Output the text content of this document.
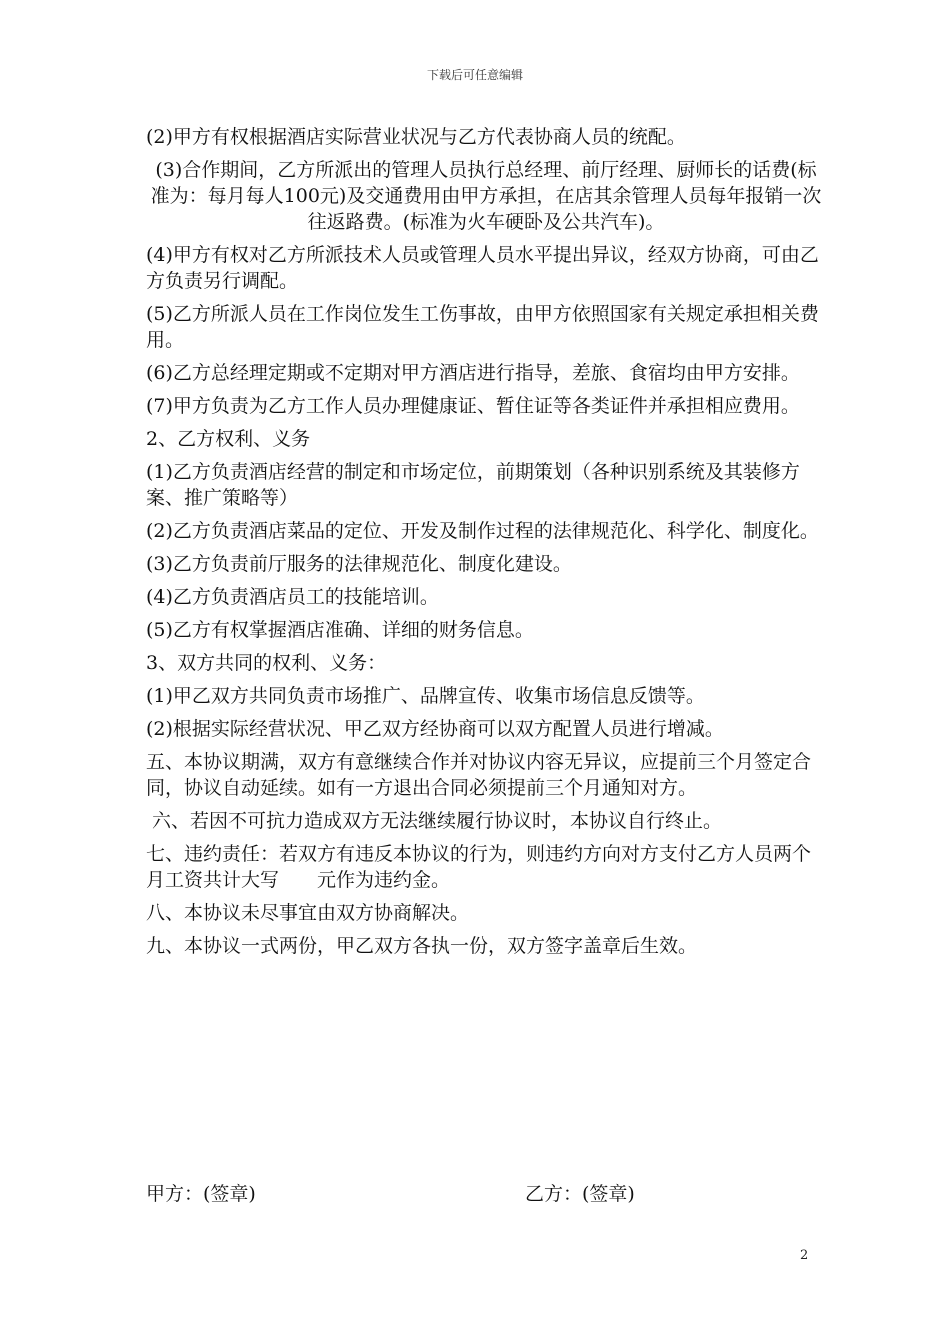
下载后可任意编辑

(2)甲方有权根据酒店实际营业状况与乙方代表协商人员的统配。

(3)合作期间，乙方所派出的管理人员执行总经理、前厅经理、厨师长的话费(标准为：每月每人100元)及交通费用由甲方承担，在店其余管理人员每年报销一次往返路费。(标准为火车硬卧及公共汽车)。

(4)甲方有权对乙方所派技术人员或管理人员水平提出异议，经双方协商，可由乙方负责另行调配。

(5)乙方所派人员在工作岗位发生工伤事故，由甲方依照国家有关规定承担相关费用。

(6)乙方总经理定期或不定期对甲方酒店进行指导，差旅、食宿均由甲方安排。

(7)甲方负责为乙方工作人员办理健康证、暂住证等各类证件并承担相应费用。

2、乙方权利、义务

(1)乙方负责酒店经营的制定和市场定位，前期策划（各种识别系统及其装修方案、推广策略等）

(2)乙方负责酒店菜品的定位、开发及制作过程的法律规范化、科学化、制度化。

(3)乙方负责前厅服务的法律规范化、制度化建设。

(4)乙方负责酒店员工的技能培训。

(5)乙方有权掌握酒店准确、详细的财务信息。

3、双方共同的权利、义务：

(1)甲乙双方共同负责市场推广、品牌宣传、收集市场信息反馈等。

(2)根据实际经营状况、甲乙双方经协商可以双方配置人员进行增减。

五、本协议期满，双方有意继续合作并对协议内容无异议，应提前三个月签定合同，协议自动延续。如有一方退出合同必须提前三个月通知对方。

六、若因不可抗力造成双方无法继续履行协议时，本协议自行终止。

七、违约责任：若双方有违反本协议的行为，则违约方向对方支付乙方人员两个月工资共计大写　　元作为违约金。

八、本协议未尽事宜由双方协商解决。

九、本协议一式两份，甲乙双方各执一份，双方签字盖章后生效。

甲方：(签章)	乙方：(签章)
2
